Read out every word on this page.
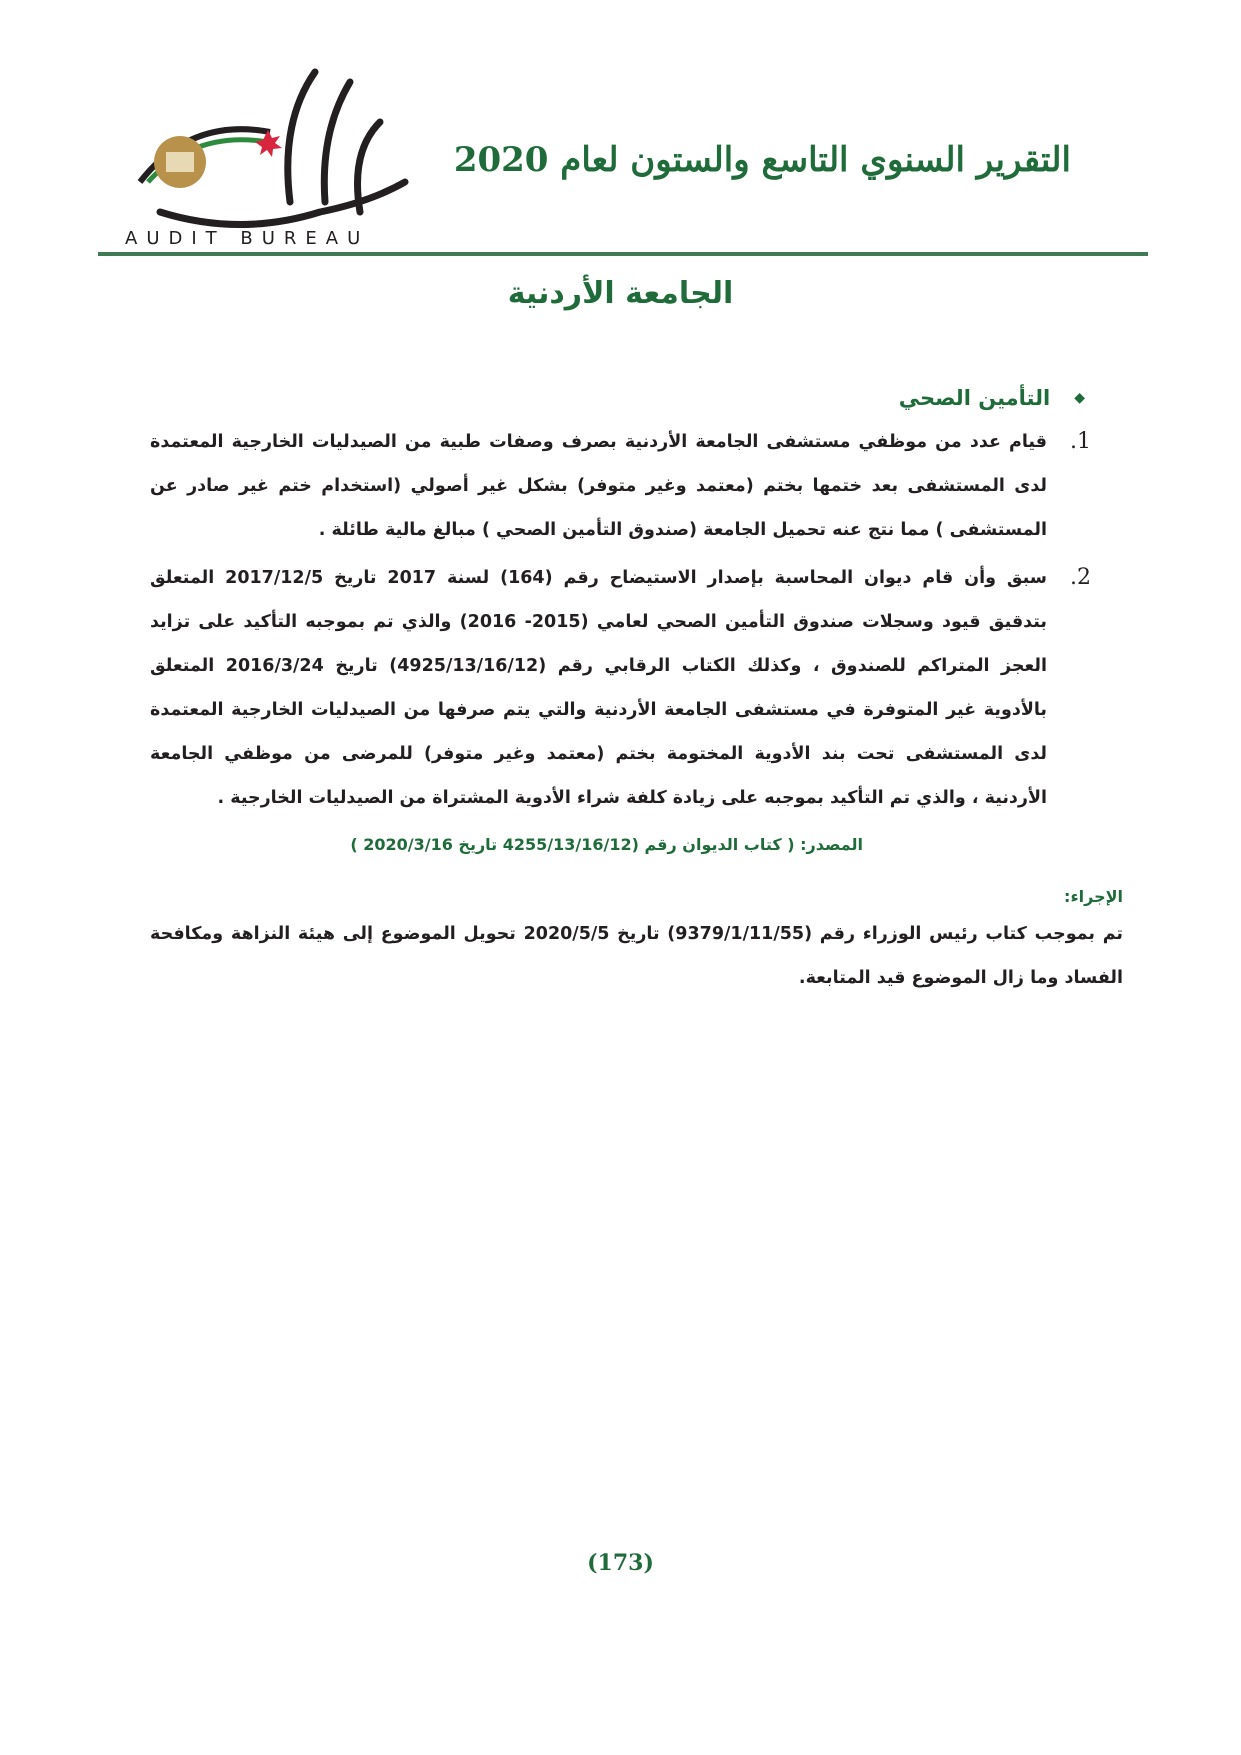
AUDIT BUREAU
التقرير السنوي التاسع والستون لعام 2020
الجامعة الأردنية
◆
التأمين الصحي
1.
قيام عدد من موظفي مستشفى الجامعة الأردنية بصرف وصفات طبية من الصيدليات الخارجية المعتمدة لدى المستشفى بعد ختمها بختم (معتمد وغير متوفر) بشكل غير أصولي (استخدام ختم غير صادر عن المستشفى ) مما نتج عنه تحميل الجامعة (صندوق التأمين الصحي ) مبالغ مالية طائلة .
2.
سبق وأن قام ديوان المحاسبة بإصدار الاستيضاح رقم (164) لسنة 2017 تاريخ 2017/12/5 المتعلق بتدقيق قيود وسجلات صندوق التأمين الصحي لعامي (2015- 2016) والذي تم بموجبه التأكيد على تزايد العجز المتراكم للصندوق ، وكذلك الكتاب الرقابي رقم (4925/13/16/12) تاريخ 2016/3/24 المتعلق بالأدوية غير المتوفرة في مستشفى الجامعة الأردنية والتي يتم صرفها من الصيدليات الخارجية المعتمدة لدى المستشفى تحت بند الأدوية المختومة بختم (معتمد وغير متوفر) للمرضى من موظفي الجامعة الأردنية ، والذي تم التأكيد بموجبه على زيادة كلفة شراء الأدوية المشتراة من الصيدليات الخارجية .
المصدر: ( كتاب الديوان رقم (4255/13/16/12 تاريخ 2020/3/16 )
الإجراء:
تم بموجب كتاب رئيس الوزراء رقم (9379/1/11/55) تاريخ 2020/5/5 تحويل الموضوع إلى هيئة النزاهة ومكافحة الفساد وما زال الموضوع قيد المتابعة.
(173)
